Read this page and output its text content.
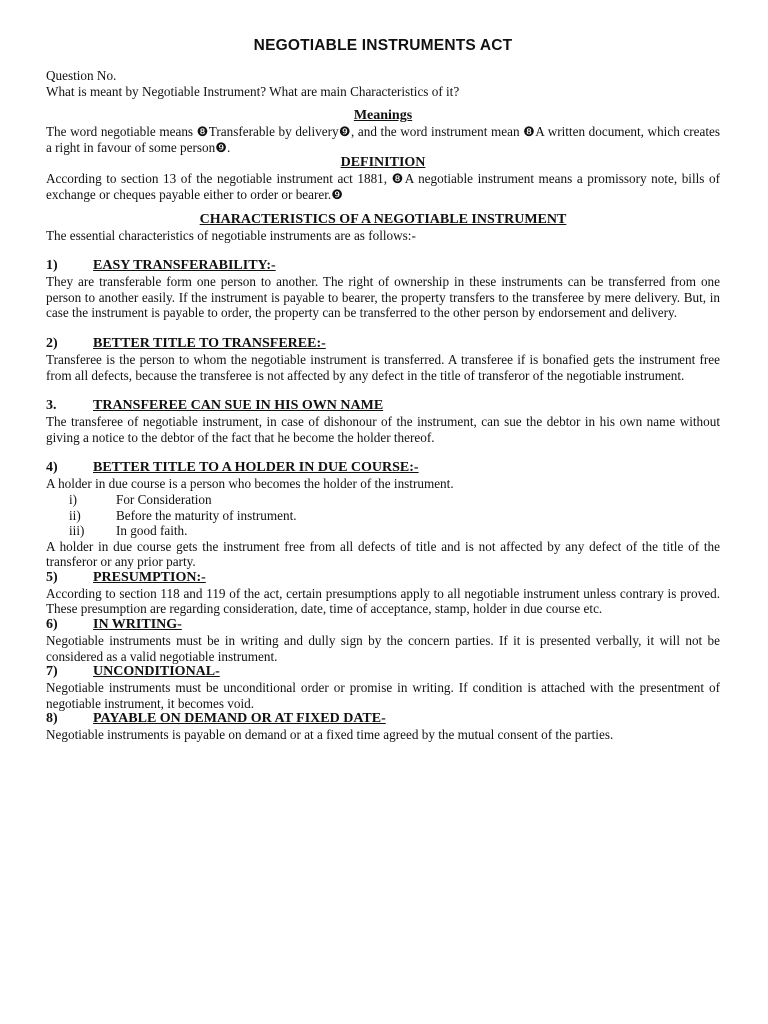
NEGOTIABLE INSTRUMENTS ACT
Question No.
What is meant by Negotiable Instrument? What are main Characteristics of it?
Meanings
The word negotiable means ❽Transferable by delivery❾, and the word instrument mean ❽A written document, which creates a right in favour of some person❾.
DEFINITION
According to section 13 of the negotiable instrument act 1881, ❽A negotiable instrument means a promissory note, bills of exchange or cheques payable either to order or bearer.❾
CHARACTERISTICS OF A NEGOTIABLE INSTRUMENT
The essential characteristics of negotiable instruments are as follows:-
1)	EASY TRANSFERABILITY:-
They are transferable form one person to another. The right of ownership in these instruments can be transferred from one person to another easily. If the instrument is payable to bearer, the property transfers to the transferee by mere delivery. But, in case the instrument is payable to order, the property can be transferred to the other person by endorsement and delivery.
2)	BETTER TITLE TO TRANSFEREE:-
Transferee is the person to whom the negotiable instrument is transferred. A transferee if is bonafied gets the instrument free from all defects, because the transferee is not affected by any defect in the title of transferor of the negotiable instrument.
3.	TRANSFEREE CAN SUE IN HIS OWN NAME
The transferee of negotiable instrument, in case of dishonour of the instrument, can sue the debtor in his own name without giving a notice to the debtor of the fact that he become the holder thereof.
4)	BETTER TITLE TO A HOLDER IN DUE COURSE:-
A holder in due course is a person who becomes the holder of the instrument.
i)	For Consideration
ii)	Before the maturity of instrument.
iii)	In good faith.
A holder in due course gets the instrument free from all defects of title and is not affected by any defect of the title of the transferor or any prior party.
5)	PRESUMPTION:-
According to section 118 and 119 of the act, certain presumptions apply to all negotiable instrument unless contrary is proved. These presumption are regarding consideration, date, time of acceptance, stamp, holder in due course etc.
6)	IN WRITING-
Negotiable instruments must be in writing and dully sign by the concern parties. If it is presented verbally, it will not be considered as a valid negotiable instrument.
7)	UNCONDITIONAL-
Negotiable instruments must be unconditional order or promise in writing. If condition is attached with the presentment of negotiable instrument, it becomes void.
8)	PAYABLE ON DEMAND OR AT FIXED DATE-
Negotiable instruments is payable on demand or at a fixed time agreed by the mutual consent of the parties.
